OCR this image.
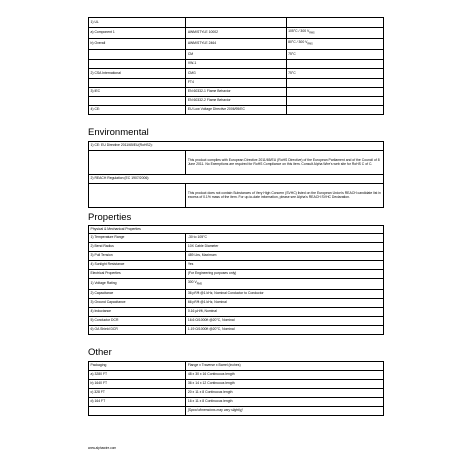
1) UL		
a) Component 1	AWM/STYLE 10002	105°C / 300 $V_{RMS}$
b) Overall	AWM/STYLE 2464	80°C / 300 $V_{RMS}$
	CM	75°C
	VW-1	
2) CSA International	CMG	75°C
	FT4	
3) IEC	EN 60332-1 Flame Behavior	
	EN 60332-2 Flame Behavior	
4) CE:	EU Low Voltage Directive 2006/95/EC	
Environmental
1) CE: EU Directive 2011/65/EU(RoHS2):	
	This product complies with European Directive 2011/65/EU (RoHS Directive) of the European Parliament and of the Council of 8 June 2011. No Exemptions are required for RoHS Compliance on this item. Consult Alpha Wire's web site for RoHS C of C.
2) REACH Regulation (EC 1907/2006):	
	This product does not contain Substances of Very High Concern (SVHC) listed on the European Union's REACH candidate list in excess of 0.1% mass of the item. For up-to-date information, please see Alpha's REACH SVHC Declaration.
Properties
Physical & Mechanical Properties	
1) Temperature Range	-30 to 105°C
2) Bend Radius	10X Cable Diameter
3) Pull Tension	489 Lbs, Maximum
4) Sunlight Resistance	Yes
Electrical Properties	(For Engineering purposes only)
1) Voltage Rating	300 $V_{RMS}$
2) Capacitance	36 pF/ft @1 kHz, Nominal Conductor to Conductor
3) Ground Capacitance	66 pF/ft @1 kHz, Nominal
4) Inductance	0.16 µH/ft, Nominal
5) Conductor DCR	16.6 Ω/1000ft @20°C, Nominal
6) OA Shield DCR	1.19 Ω/1000ft @20°C, Nominal
Other
Packaging	Flange x Traverse x Barrel (inches)
a) 3280 FT	48 x 30 x 16 Continuous length
b) 1640 FT	36 x 14 x 12 Continuous length
c) 328 FT	20 x 11 x 8 Continuous length
d) 164 FT	16 x 11 x 8 Continuous length
	[Spool dimensions may vary slightly]
www.alphawire.com
